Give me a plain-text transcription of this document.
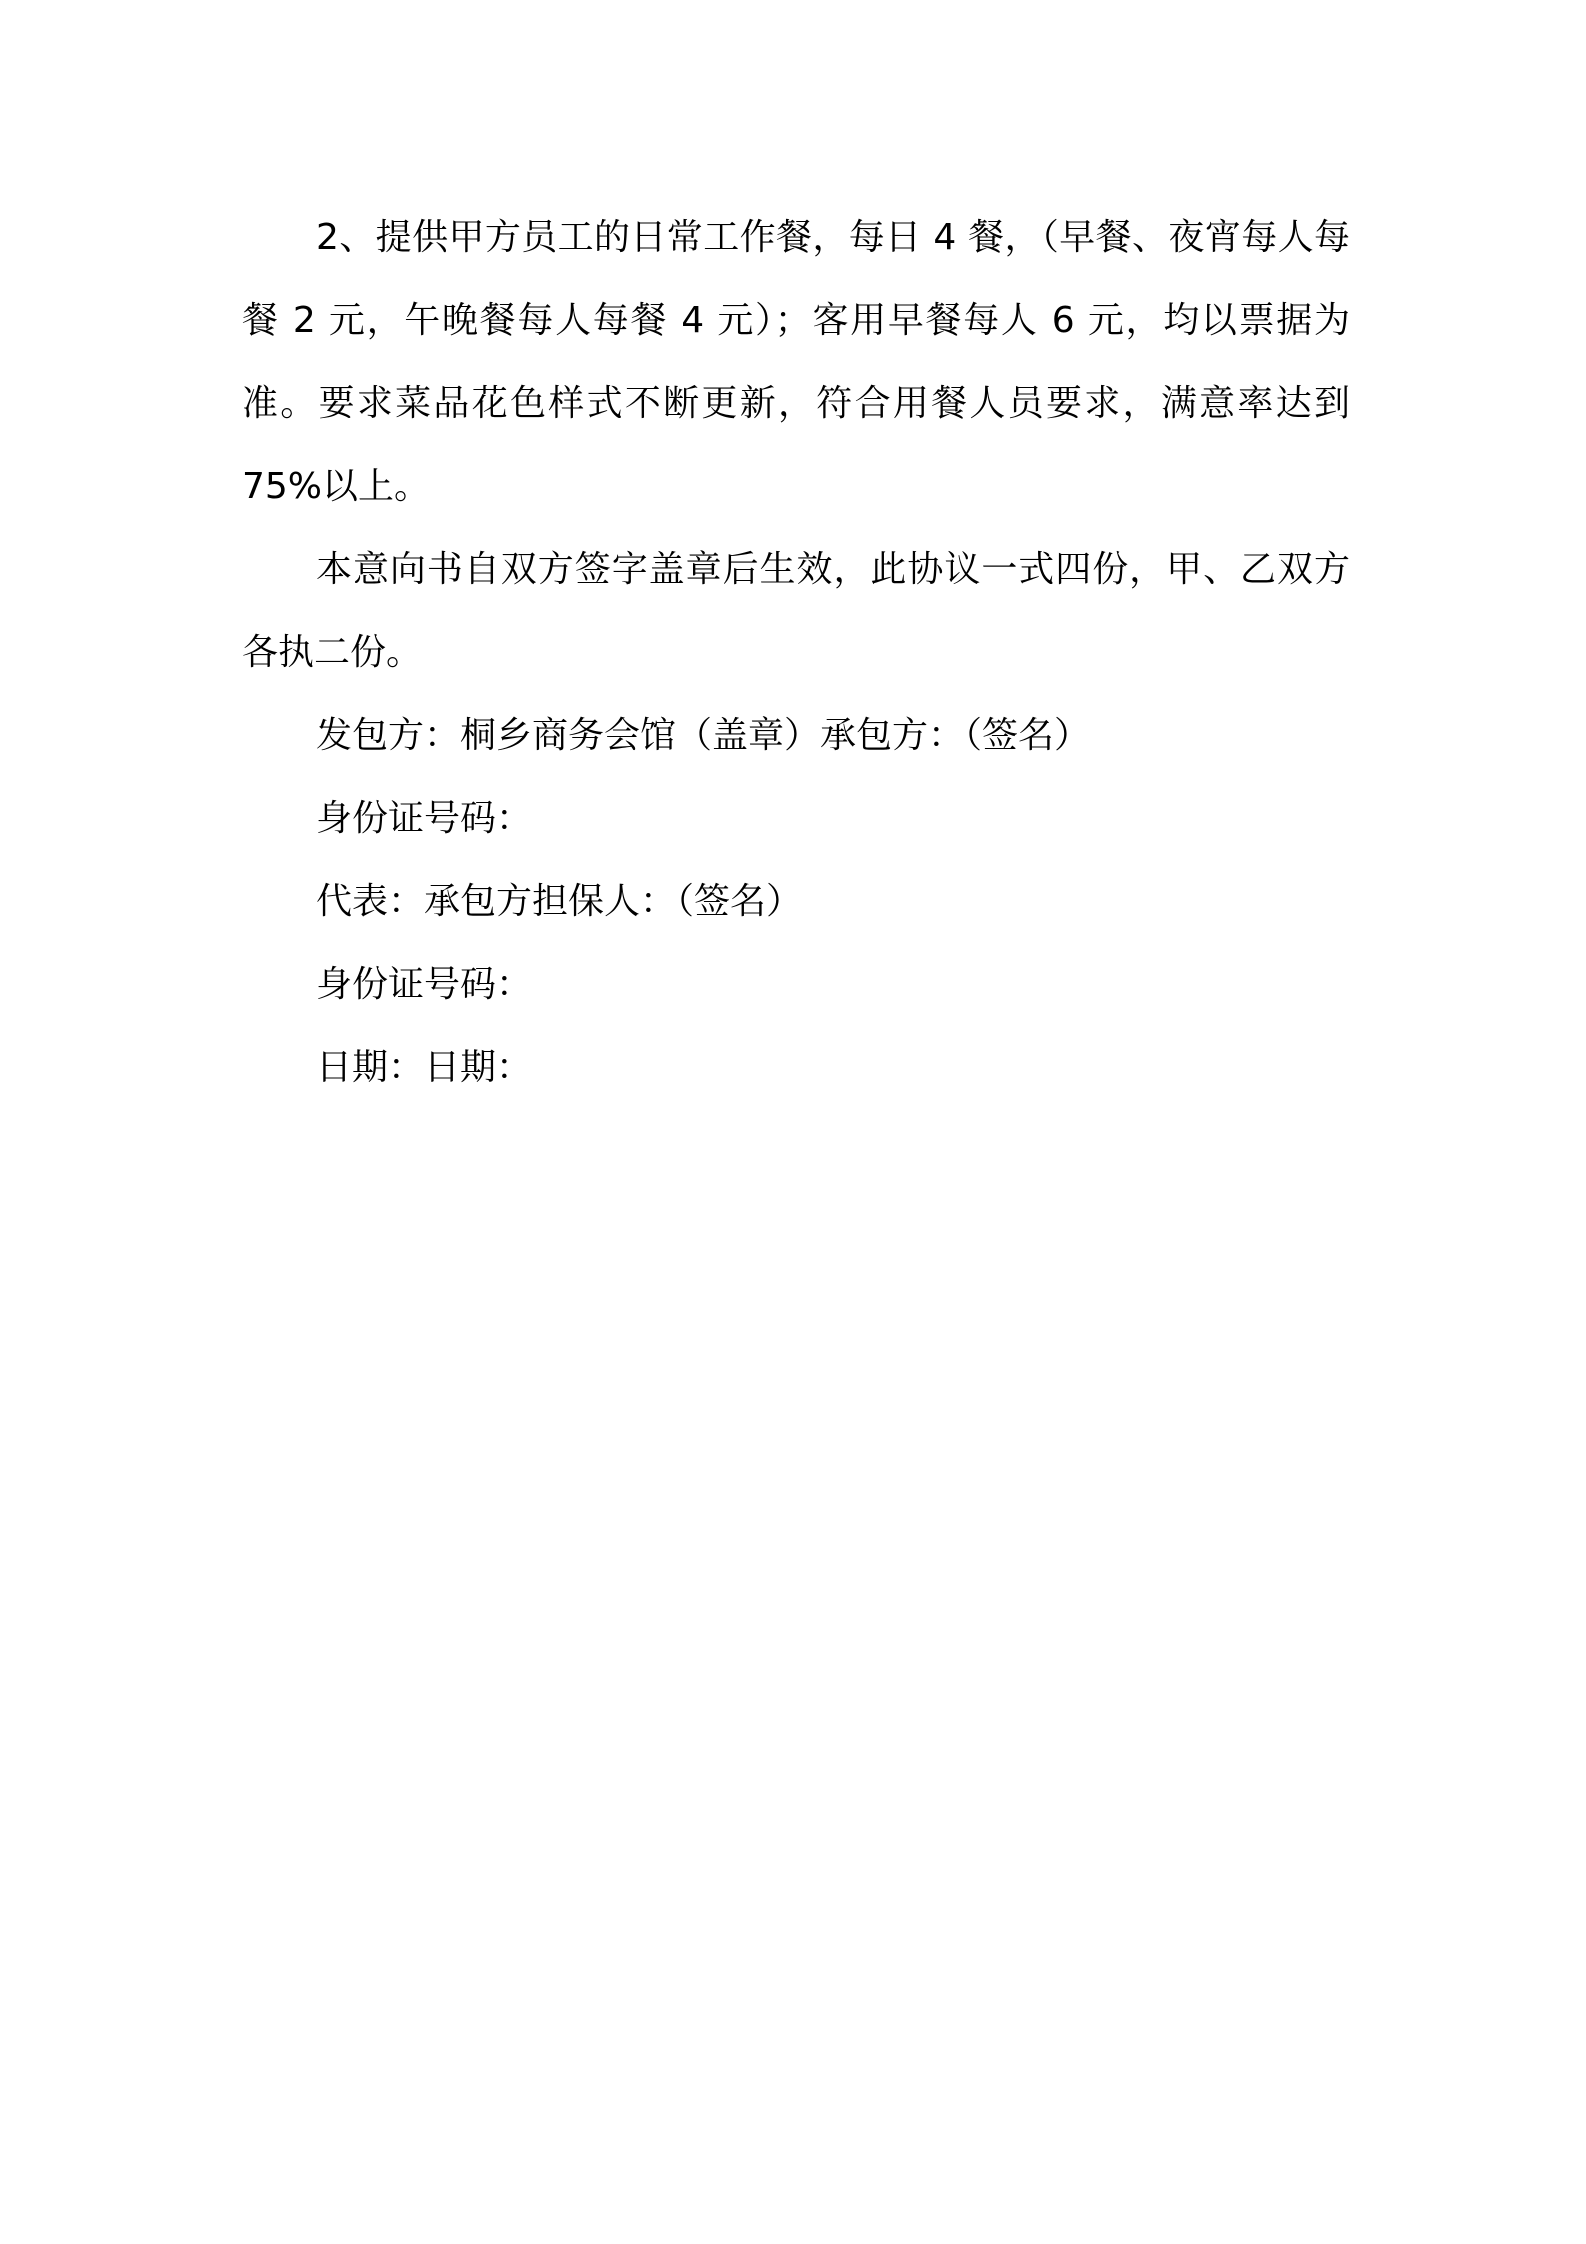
2、提供甲方员工的日常工作餐，每日 4 餐，（早餐、夜宵每人每餐 2 元，午晚餐每人每餐 4 元）；客用早餐每人 6 元，均以票据为准。要求菜品花色样式不断更新，符合用餐人员要求，满意率达到 75%以上。

本意向书自双方签字盖章后生效，此协议一式四份，甲、乙双方各执二份。

发包方：桐乡商务会馆（盖章）承包方：（签名）

身份证号码：

代表：承包方担保人：（签名）

身份证号码：

日期：日期：
